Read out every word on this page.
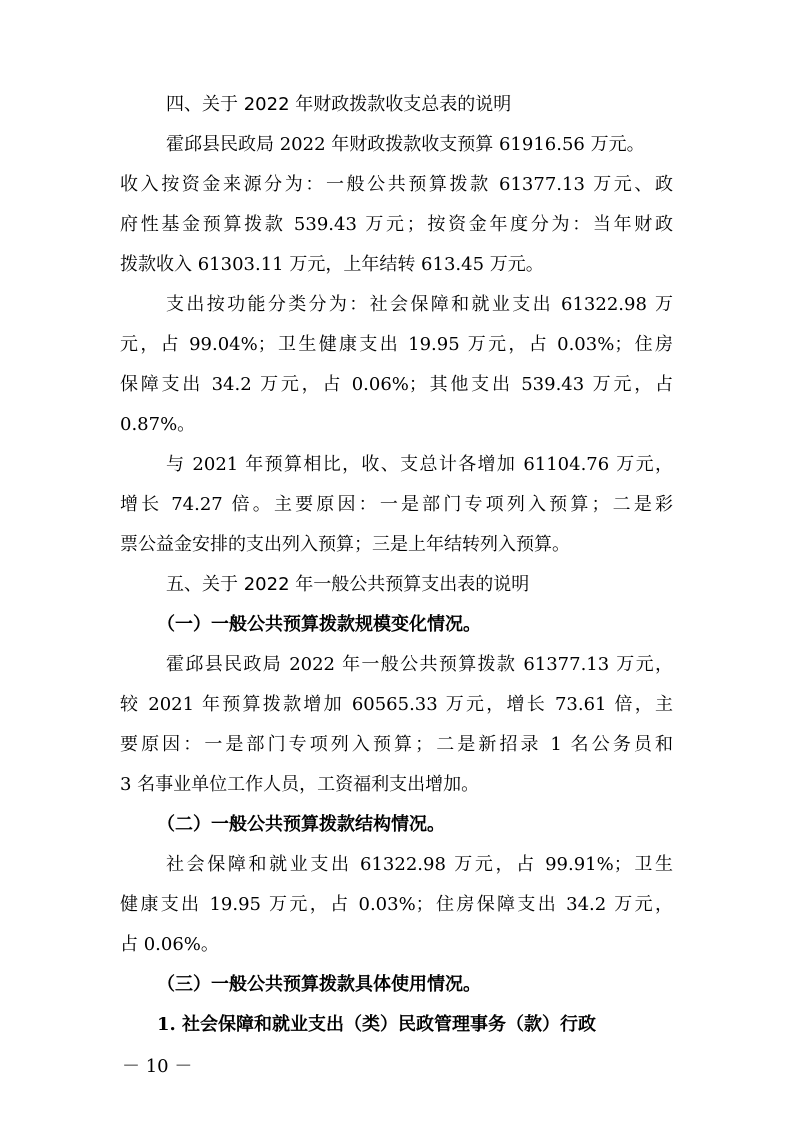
四、关于 2022 年财政拨款收支总表的说明
霍邱县民政局 2022 年财政拨款收支预算 61916.56 万元。
收入按资金来源分为：一般公共预算拨款 61377.13 万元、政
府性基金预算拨款 539.43 万元；按资金年度分为：当年财政
拨款收入 61303.11 万元，上年结转 613.45 万元。
支出按功能分类分为：社会保障和就业支出 61322.98 万
元，占 99.04%；卫生健康支出 19.95 万元，占 0.03%；住房
保障支出 34.2 万元，占 0.06%；其他支出 539.43 万元，占
0.87%。
与 2021 年预算相比，收、支总计各增加 61104.76 万元，
增长 74.27 倍。主要原因：一是部门专项列入预算；二是彩
票公益金安排的支出列入预算；三是上年结转列入预算。
五、关于 2022 年一般公共预算支出表的说明
（一）一般公共预算拨款规模变化情况。
霍邱县民政局 2022 年一般公共预算拨款 61377.13 万元，
较 2021 年预算拨款增加 60565.33 万元，增长 73.61 倍，主
要原因：一是部门专项列入预算；二是新招录 1 名公务员和
3 名事业单位工作人员，工资福利支出增加。
（二）一般公共预算拨款结构情况。
社会保障和就业支出 61322.98 万元，占 99.91%；卫生
健康支出 19.95 万元，占 0.03%；住房保障支出 34.2 万元，
占 0.06%。
（三）一般公共预算拨款具体使用情况。
1. 社会保障和就业支出（类）民政管理事务（款）行政
－ 10 －
